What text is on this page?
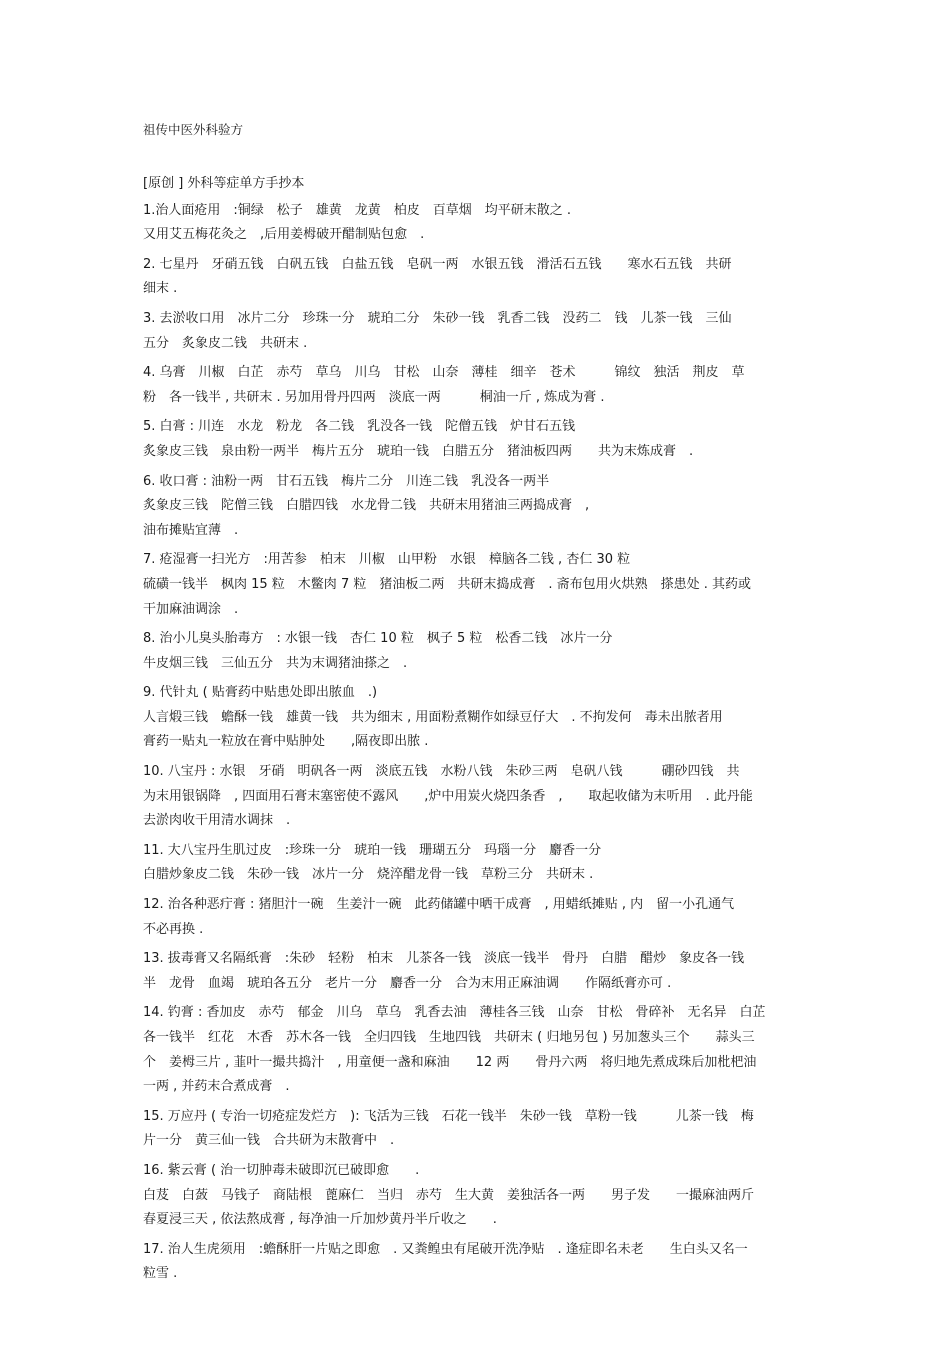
祖传中医外科验方

[原创 ] 外科等症单方手抄本

1.治人面疮用　:铜绿　松子　雄黄　龙黄　柏皮　百草烟　均平研末散之 .
又用艾五梅花灸之　,后用姜栂破开醋制贴包愈　.

2. 七星丹　牙硝五钱　白矾五钱　白盐五钱　皂矾一两　水银五钱　滑活石五钱　　寒水石五钱　共研
细末 .

3. 去淤收口用　冰片二分　珍珠一分　琥珀二分　朱砂一钱　乳香二钱　没药二　钱　儿茶一钱　三仙
五分　炙象皮二钱　共研末 .

4. 乌膏　川椒　白芷　赤芍　草乌　川乌　甘松　山奈　薄桂　细辛　苍术　　　锦纹　独活　荆皮　草
粉　各一钱半 , 共研末 . 另加用骨丹四两　淡底一两　　　桐油一斤 , 炼成为膏 .

5. 白膏 : 川连　水龙　粉龙　各二钱　乳没各一钱　陀僧五钱　炉甘石五钱
炙象皮三钱　泉由粉一两半　梅片五分　琥珀一钱　白腊五分　猪油板四两　　共为末炼成膏　.

6. 收口膏 : 油粉一两　甘石五钱　梅片二分　川连二钱　乳没各一两半
炙象皮三钱　陀僧三钱　白腊四钱　水龙骨二钱　共研末用猪油三两捣成膏　,
油布摊贴宜薄　.

7. 疮湿膏一扫光方　:用苦参　柏末　川椒　山甲粉　水银　樟脑各二钱 , 杏仁 30 粒
硫磺一钱半　枫肉 15 粒　木鳖肉 7 粒　猪油板二两　共研末捣成膏　. 斋布包用火烘熟　搽患处 . 其药或
干加麻油调涂　.

8. 治小儿臭头胎毒方　: 水银一钱　杏仁 10 粒　枫子 5 粒　松香二钱　冰片一分
牛皮烟三钱　三仙五分　共为末调猪油搽之　.

9. 代针丸 ( 贴膏药中贴患处即出脓血　.)
人言煅三钱　蟾酥一钱　雄黄一钱　共为细末 , 用面粉煮糊作如绿豆仔大　. 不拘发何　毒未出脓者用
膏药一贴丸一粒放在膏中贴肿处　　,隔夜即出脓 .

10. 八宝丹 : 水银　牙硝　明矾各一两　淡底五钱　水粉八钱　朱砂三两　皂矾八钱　　　硼砂四钱　共
为末用银锅降　, 四面用石膏末塞密使不露风　　,炉中用炭火烧四条香　,　　取起收储为末听用　. 此丹能
去淤肉收干用清水调抹　.

11. 大八宝丹生肌过皮　:珍珠一分　琥珀一钱　珊瑚五分　玛瑙一分　麝香一分
白腊炒象皮二钱　朱砂一钱　冰片一分　烧淬醋龙骨一钱　草粉三分　共研末 .

12. 治各种恶疔膏 : 猪胆汁一碗　生姜汁一碗　此药储罐中晒干成膏　, 用蜡纸摊贴 , 内　留一小孔通气
不必再换 .

13. 拔毒膏又名隔纸膏　:朱砂　轻粉　柏末　儿茶各一钱　淡底一钱半　骨丹　白腊　醋炒　象皮各一钱
半　龙骨　血竭　琥珀各五分　老片一分　麝香一分　合为末用正麻油调　　作隔纸膏亦可 .

14. 钓膏 : 香加皮　赤芍　郁金　川乌　草乌　乳香去油　薄桂各三钱　山奈　甘松　骨碎补　无名异　白芷
各一钱半　红花　木香　苏木各一钱　全归四钱　生地四钱　共研末 ( 归地另包 ) 另加葱头三个　　蒜头三
个　姜栂三片 , 韮叶一撮共捣汁　, 用童便一盏和麻油　　12 两　　骨丹六两　将归地先煮成珠后加枇杷油
一两 , 并药末合煮成膏　.

15. 万应丹 ( 专治一切疮症发烂方　): 飞活为三钱　石花一钱半　朱砂一钱　草粉一钱　　　儿茶一钱　梅
片一分　黄三仙一钱　合共研为末散膏中　.

16. 紫云膏 ( 治一切肿毒未破即沉已破即愈　　.
白芨　白蔹　马钱子　商陆根　蓖麻仁　当归　赤芍　生大黄　姜独活各一两　　男子发　　一撮麻油两斤
春夏浸三天 , 依法熬成膏 , 每净油一斤加炒黄丹半斤收之　　.

17. 治人生虎须用　:蟾酥肝一片贴之即愈　. 又粪鳇虫有尾破开洗净贴　. 逢症即名未老　　生白头又名一
粒雪 .
